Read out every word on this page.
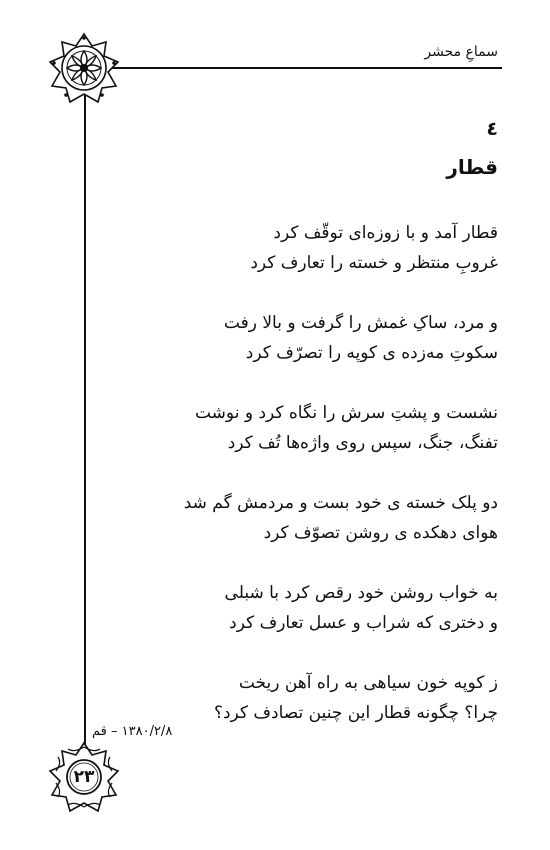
سماعِ محشر
٤
قطار
قطار آمد و با زوزه‌ای توقّف کرد
غروبِ منتظر و خسته را تعارف کرد
و مرد، ساکِ غمش را گرفت و بالا رفت
سکوتِ مه‌زده ی کوپه را تصرّف کرد
نشست و پشتِ سرش را نگاه کرد و نوشت
تفنگ، جنگ، سپس روی واژه‌ها تُف کرد
دو پلک خسته ی خود بست و مردمش گم شد
هوای دهکده ی روشن تصوّف کرد
به خواب روشن خود رقص کرد با شبلی
و دختری که شراب و عسل تعارف کرد
ز کوپه خون سیاهی به راه آهن ریخت
چرا؟ چگونه قطار این چنین تصادف کرد؟
۱۳۸۰/۲/۸ – قم
۲۳
